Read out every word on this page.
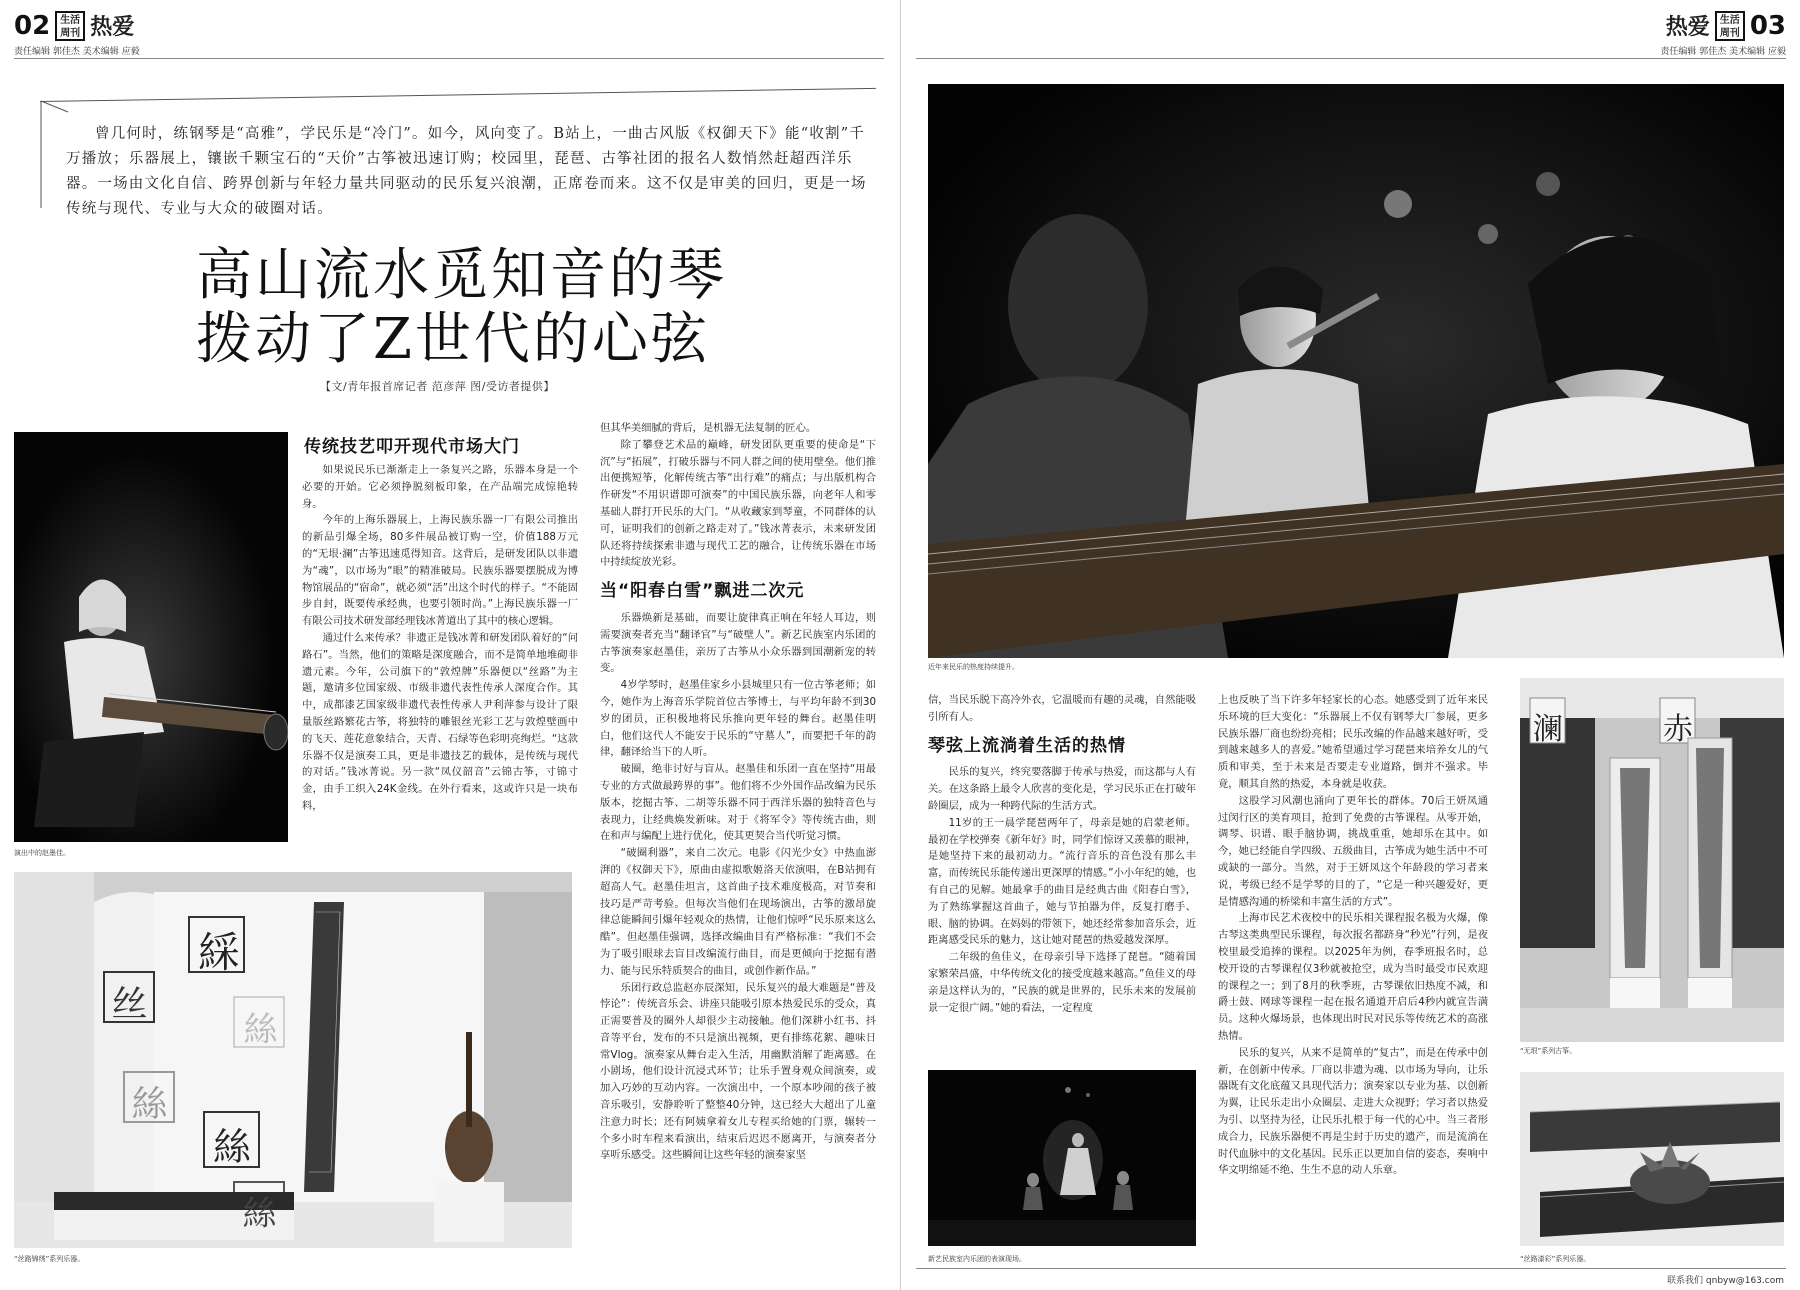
02	生活
周刊 热爱
责任编辑 郭佳杰 美术编辑 应毅
热爱	生活
周刊 03
责任编辑 郭佳杰 美术编辑 应毅
曾几何时，练钢琴是“高雅”，学民乐是“冷门”。如今，风向变了。B站上，一曲古风版《权御天下》能“收割”千万播放；乐器展上，镶嵌千颗宝石的“天价”古筝被迅速订购；校园里，琵琶、古筝社团的报名人数悄然赶超西洋乐器。一场由文化自信、跨界创新与年轻力量共同驱动的民乐复兴浪潮，正席卷而来。这不仅是审美的回归，更是一场传统与现代、专业与大众的破圈对话。
高山流水觅知音的琴
拨动了Z世代的心弦
【文/青年报首席记者 范彦萍 图/受访者提供】
演出中的赵墨佳。
綵
丝
絲
絲
絲
絲
“丝路锦绣”系列乐器。
传统技艺叩开现代市场大门

如果说民乐已渐渐走上一条复兴之路，乐器本身是一个必要的开始。它必须挣脱刻板印象，在产品端完成惊艳转身。

今年的上海乐器展上，上海民族乐器一厂有限公司推出的新品引爆全场，80多件展品被订购一空，价值188万元的“无垠·澜”古筝迅速觅得知音。这背后，是研发团队以非遗为“魂”，以市场为“眼”的精准破局。民族乐器要摆脱成为博物馆展品的“宿命”，就必须“活”出这个时代的样子。“不能固步自封，既要传承经典，也要引领时尚。”上海民族乐器一厂有限公司技术研发部经理钱冰菁道出了其中的核心逻辑。

通过什么来传承？非遗正是钱冰菁和研发团队着好的“问路石”。当然，他们的策略是深度融合，而不是简单地堆砌非遗元素。今年，公司旗下的“敦煌牌”乐器便以“丝路”为主题，邀请多位国家级、市级非遗代表性传承人深度合作。其中，成都漆艺国家级非遗代表性传承人尹利萍参与设计了限量版丝路繁花古筝，将独特的雕银丝光彩工艺与敦煌壁画中的飞天、莲花意象结合，天青、石绿等色彩明亮绚烂。“这款乐器不仅是演奏工具，更是非遗技艺的载体，是传统与现代的对话。”钱冰菁说。另一款“凤仪韶音”云锦古筝，寸锦寸金，由手工织入24K金线。在外行看来，这或许只是一块布料，

但其华美细腻的背后，是机器无法复制的匠心。

除了攀登艺术品的巅峰，研发团队更重要的使命是“下沉”与“拓展”，打破乐器与不同人群之间的使用壁垒。他们推出便携短筝，化解传统古筝“出行难”的痛点；与出版机构合作研发“不用识谱即可演奏”的中国民族乐器，向老年人和零基础人群打开民乐的大门。“从收藏家到琴童，不同群体的认可，证明我们的创新之路走对了。”钱冰菁表示，未来研发团队还将持续探索非遗与现代工艺的融合，让传统乐器在市场中持续绽放光彩。

当“阳春白雪”飘进二次元

乐器焕新是基础，而要让旋律真正响在年轻人耳边，则需要演奏者充当“翻译官”与“破壁人”。新艺民族室内乐团的古筝演奏家赵墨佳，亲历了古筝从小众乐器到国潮新宠的转变。

4岁学琴时，赵墨佳家乡小县城里只有一位古筝老师；如今，她作为上海音乐学院首位古筝博士，与平均年龄不到30岁的团员，正积极地将民乐推向更年轻的舞台。赵墨佳明白，他们这代人不能安于民乐的“守墓人”，而要把千年的韵律，翻译给当下的人听。

破圈，绝非讨好与盲从。赵墨佳和乐团一直在坚持“用最专业的方式做最跨界的事”。他们将不少外国作品改编为民乐版本，挖掘古筝、二胡等乐器不同于西洋乐器的独特音色与表现力，让经典焕发新味。对于《将军令》等传统古曲，则在和声与编配上进行优化，使其更契合当代听觉习惯。

“破圈利器”，来自二次元。电影《闪光少女》中热血澎湃的《权御天下》，原曲由虚拟歌姬洛天依演唱，在B站拥有超高人气。赵墨佳坦言，这首曲子技术难度极高，对节奏和技巧是严苛考验。但每次当他们在现场演出，古筝的激昂旋律总能瞬间引爆年轻观众的热情，让他们惊呼“民乐原来这么酷”。但赵墨佳强调，选择改编曲目有严格标准：“我们不会为了吸引眼球去盲目改编流行曲目，而是更倾向于挖掘有潜力、能与民乐特质契合的曲目，或创作新作品。”

乐团行政总监赵亦辰深知，民乐复兴的最大难题是“普及悖论”：传统音乐会、讲座只能吸引原本热爱民乐的受众，真正需要普及的圈外人却很少主动接触。他们深耕小红书、抖音等平台，发布的不只是演出视频，更有排练花絮、趣味日常Vlog。演奏家从舞台走入生活，用幽默消解了距离感。在小剧场，他们设计沉浸式环节；让乐手置身观众间演奏，或加入巧妙的互动内容。一次演出中，一个原本吵闹的孩子被音乐吸引，安静聆听了整整40分钟，这已经大大超出了儿童注意力时长；还有阿姨拿着女儿专程买给她的门票，辗转一个多小时车程来看演出，结束后迟迟不愿离开，与演奏者分享听乐感受。这些瞬间让这些年轻的演奏家坚

近年来民乐的热度持续提升。

信，当民乐脱下高冷外衣，它温暖而有趣的灵魂，自然能吸引所有人。

琴弦上流淌着生活的热情

民乐的复兴，终究要落脚于传承与热爱，而这都与人有关。在这条路上最令人欣喜的变化是，学习民乐正在打破年龄圈层，成为一种跨代际的生活方式。

11岁的王一晨学琵琶两年了，母亲是她的启蒙老师。最初在学校弹奏《新年好》时，同学们惊讶又羡慕的眼神，是她坚持下来的最初动力。“流行音乐的音色没有那么丰富，而传统民乐能传递出更深厚的情感。”小小年纪的她，也有自己的见解。她最拿手的曲目是经典古曲《阳春白雪》，为了熟练掌握这首曲子，她与节拍器为伴，反复打磨手、眼、脑的协调。在妈妈的带领下，她还经常参加音乐会，近距离感受民乐的魅力，这让她对琵琶的热爱越发深厚。

二年级的鱼佳义，在母亲引导下选择了琵琶。“随着国家繁荣昌盛，中华传统文化的接受度越来越高。”鱼佳义的母亲是这样认为的，“民族的就是世界的，民乐未来的发展前景一定很广阔。”她的看法，一定程度

新艺民族室内乐团的表演现场。

上也反映了当下许多年轻家长的心态。她感受到了近年来民乐环境的巨大变化：“乐器展上不仅有钢琴大厂参展，更多民族乐器厂商也纷纷亮相；民乐改编的作品越来越好听，受到越来越多人的喜爱。”她希望通过学习琵琶来培养女儿的气质和审美，至于未来是否要走专业道路，倒并不强求。毕竟，顺其自然的热爱，本身就是收获。

这股学习风潮也涌向了更年长的群体。70后王妍凤通过闵行区的美育项目，抢到了免费的古筝课程。从零开始，调琴、识谱、眼手脑协调，挑战重重，她却乐在其中。如今，她已经能自学四级、五级曲目，古筝成为她生活中不可或缺的一部分。当然，对于王妍凤这个年龄段的学习者来说，考级已经不是学琴的目的了，“它是一种兴趣爱好，更是情感沟通的桥梁和丰富生活的方式”。

上海市民艺术夜校中的民乐相关课程报名极为火爆，像古琴这类典型民乐课程，每次报名都跻身“秒光”行列，是夜校里最受追捧的课程。以2025年为例，春季班报名时，总校开设的古琴课程仅3秒就被抢空，成为当时最受市民欢迎的课程之一；到了8月的秋季班，古琴课依旧热度不减，和爵士鼓、网球等课程一起在报名通道开启后4秒内就宣告满员。这种火爆场景，也体现出时民对民乐等传统艺术的高涨热情。

民乐的复兴，从来不是简单的“复古”，而是在传承中创新，在创新中传承。厂商以非遗为魂、以市场为导向，让乐器既有文化底蕴又具现代活力；演奏家以专业为基、以创新为翼，让民乐走出小众圈层、走进大众视野；学习者以热爱为引、以坚持为径，让民乐扎根于每一代的心中。当三者形成合力，民族乐器便不再是尘封于历史的遗产，而是流淌在时代血脉中的文化基因。民乐正以更加自信的姿态，奏响中华文明绵延不绝、生生不息的动人乐章。

澜	赤
“无垠”系列古筝。
“丝路漆彩”系列乐器。
联系我们 qnbyw@163.com
